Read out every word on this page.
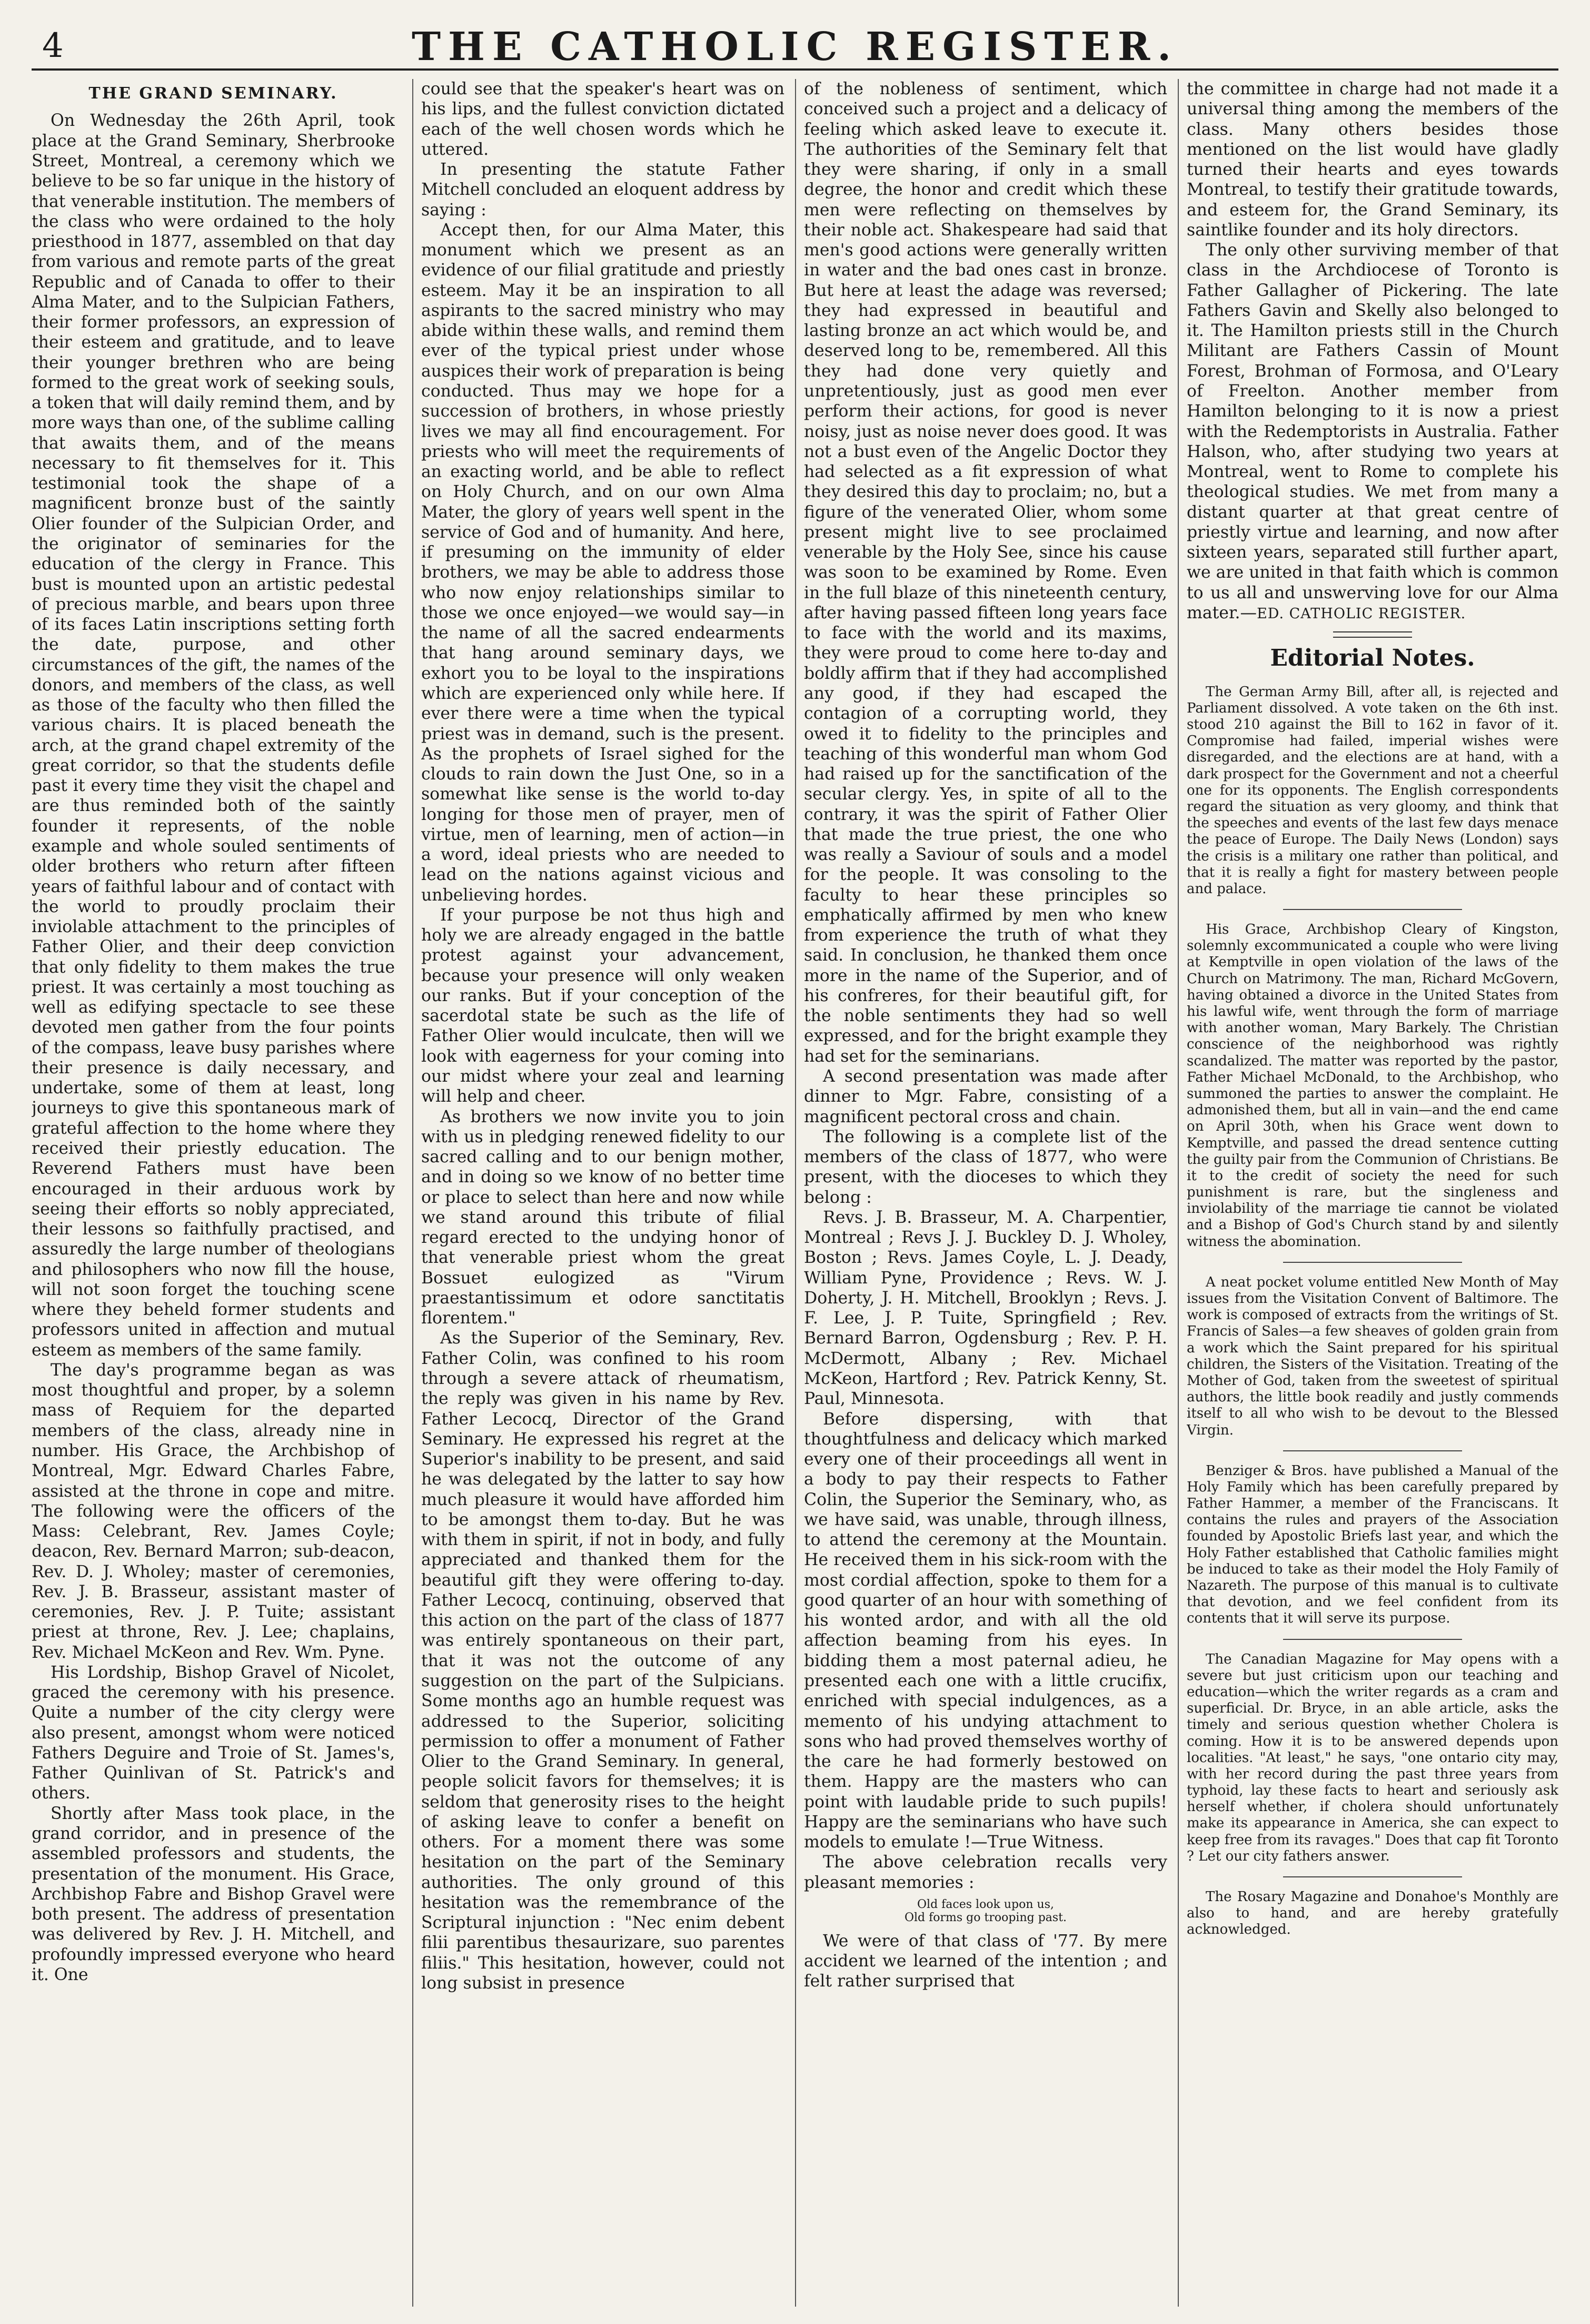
4	THE CATHOLIC REGISTER.
THE GRAND SEMINARY.

On Wednesday the 26th April, took place at the Grand Seminary, Sherbrooke Street, Montreal, a ceremony which we believe to be so far unique in the history of that venerable institution. The members of the class who were ordained to the holy priesthood in 1877, assembled on that day from various and remote parts of the great Republic and of Canada to offer to their Alma Mater, and to the Sulpician Fathers, their former professors, an expression of their esteem and gratitude, and to leave their younger brethren who are being formed to the great work of seeking souls, a token that will daily remind them, and by more ways than one, of the sublime calling that awaits them, and of the means necessary to fit themselves for it. This testimonial took the shape of a magnificent bronze bust of the saintly Olier founder of the Sulpician Order, and the originator of seminaries for the education of the clergy in France. This bust is mounted upon an artistic pedestal of precious marble, and bears upon three of its faces Latin inscriptions setting forth the date, purpose, and other circumstances of the gift, the names of the donors, and members of the class, as well as those of the faculty who then filled the various chairs. It is placed beneath the arch, at the grand chapel extremity of the great corridor, so that the students defile past it every time they visit the chapel and are thus reminded both of the saintly founder it represents, of the noble example and whole souled sentiments of older brothers who return after fifteen years of faithful labour and of contact with the world to proudly proclaim their inviolable attachment to the principles of Father Olier, and their deep conviction that only fidelity to them makes the true priest. It was certainly a most touching as well as edifying spectacle to see these devoted men gather from the four points of the compass, leave busy parishes where their presence is daily necessary, and undertake, some of them at least, long journeys to give this spontaneous mark of grateful affection to the home where they received their priestly education. The Reverend Fathers must have been encouraged in their arduous work by seeing their efforts so nobly appreciated, their lessons so faithfully practised, and assuredly the large number of theologians and philosophers who now fill the house, will not soon forget the touching scene where they beheld former students and professors united in affection and mutual esteem as members of the same family.

The day's programme began as was most thoughtful and proper, by a solemn mass of Requiem for the departed members of the class, already nine in number. His Grace, the Archbishop of Montreal, Mgr. Edward Charles Fabre, assisted at the throne in cope and mitre. The following were the officers of the Mass: Celebrant, Rev. James Coyle; deacon, Rev. Bernard Marron; sub-deacon, Rev. D. J. Wholey; master of ceremonies, Rev. J. B. Brasseur, assistant master of ceremonies, Rev. J. P. Tuite; assistant priest at throne, Rev. J. Lee; chaplains, Rev. Michael McKeon and Rev. Wm. Pyne.

His Lordship, Bishop Gravel of Nicolet, graced the ceremony with his presence. Quite a number of the city clergy were also present, amongst whom were noticed Fathers Deguire and Troie of St. James's, Father Quinlivan of St. Patrick's and others.

Shortly after Mass took place, in the grand corridor, and in presence of the assembled professors and students, the presentation of the monument. His Grace, Archbishop Fabre and Bishop Gravel were both present. The address of presentation was delivered by Rev. J. H. Mitchell, and profoundly impressed everyone who heard it. One

could see that the speaker's heart was on his lips, and the fullest conviction dictated each of the well chosen words which he uttered.

In presenting the statute Father Mitchell concluded an eloquent address by saying :

Accept then, for our Alma Mater, this monument which we present as an evidence of our filial gratitude and priestly esteem. May it be an inspiration to all aspirants to the sacred ministry who may abide within these walls, and remind them ever of the typical priest under whose auspices their work of preparation is being conducted. Thus may we hope for a succession of brothers, in whose priestly lives we may all find encouragement. For priests who will meet the requirements of an exacting world, and be able to reflect on Holy Church, and on our own Alma Mater, the glory of years well spent in the service of God and of humanity. And here, if presuming on the immunity of elder brothers, we may be able to address those who now enjoy relationships similar to those we once enjoyed—we would say—in the name of all the sacred endearments that hang around seminary days, we exhort you to be loyal to the inspirations which are experienced only while here. If ever there were a time when the typical priest was in demand, such is the present. As the prophets of Israel sighed for the clouds to rain down the Just One, so in a somewhat like sense is the world to-day longing for those men of prayer, men of virtue, men of learning, men of action—in a word, ideal priests who are needed to lead on the nations against vicious and unbelieving hordes.

If your purpose be not thus high and holy we are already engaged in the battle protest against your advancement, because your presence will only weaken our ranks. But if your conception of the sacerdotal state be such as the life of Father Olier would inculcate, then will we look with eagerness for your coming into our midst where your zeal and learning will help and cheer.

As brothers we now invite you to join with us in pledging renewed fidelity to our sacred calling and to our benign mother, and in doing so we know of no better time or place to select than here and now while we stand around this tribute of filial regard erected to the undying honor of that venerable priest whom the great Bossuet eulogized as "Virum praestantissimum et odore sanctitatis florentem."

As the Superior of the Seminary, Rev. Father Colin, was confined to his room through a severe attack of rheumatism, the reply was given in his name by Rev. Father Lecocq, Director of the Grand Seminary. He expressed his regret at the Superior's inability to be present, and said he was delegated by the latter to say how much pleasure it would have afforded him to be amongst them to-day. But he was with them in spirit, if not in body, and fully appreciated and thanked them for the beautiful gift they were offering to-day. Father Lecocq, continuing, observed that this action on the part of the class of 1877 was entirely spontaneous on their part, that it was not the outcome of any suggestion on the part of the Sulpicians. Some months ago an humble request was addressed to the Superior, soliciting permission to offer a monument of Father Olier to the Grand Seminary. In general, people solicit favors for themselves; it is seldom that generosity rises to the height of asking leave to confer a benefit on others. For a moment there was some hesitation on the part of the Seminary authorities. The only ground of this hesitation was the remembrance of the Scriptural injunction : "Nec enim debent filii parentibus thesaurizare, suo parentes filiis." This hesitation, however, could not long subsist in presence

of the nobleness of sentiment, which conceived such a project and a delicacy of feeling which asked leave to execute it. The authorities of the Seminary felt that they were sharing, if only in a small degree, the honor and credit which these men were reflecting on themselves by their noble act. Shakespeare had said that men's good actions were generally written in water and the bad ones cast in bronze. But here at least the adage was reversed; they had expressed in beautiful and lasting bronze an act which would be, and deserved long to be, remembered. All this they had done very quietly and unpretentiously, just as good men ever perform their actions, for good is never noisy, just as noise never does good. It was not a bust even of the Angelic Doctor they had selected as a fit expression of what they desired this day to proclaim; no, but a figure of the venerated Olier, whom some present might live to see proclaimed venerable by the Holy See, since his cause was soon to be examined by Rome. Even in the full blaze of this nineteenth century, after having passed fifteen long years face to face with the world and its maxims, they were proud to come here to-day and boldly affirm that if they had accomplished any good, if they had escaped the contagion of a corrupting world, they owed it to fidelity to the principles and teaching of this wonderful man whom God had raised up for the sanctification of the secular clergy. Yes, in spite of all to the contrary, it was the spirit of Father Olier that made the true priest, the one who was really a Saviour of souls and a model for the people. It was consoling to the faculty to hear these principles so emphatically affirmed by men who knew from experience the truth of what they said. In conclusion, he thanked them once more in the name of the Superior, and of his confreres, for their beautiful gift, for the noble sentiments they had so well expressed, and for the bright example they had set for the seminarians.

A second presentation was made after dinner to Mgr. Fabre, consisting of a magnificent pectoral cross and chain.

The following is a complete list of the members of the class of 1877, who were present, with the dioceses to which they belong :

Revs. J. B. Brasseur, M. A. Charpentier, Montreal ; Revs J. J. Buckley D. J. Wholey, Boston ; Revs. James Coyle, L. J. Deady, William Pyne, Providence ; Revs. W. J. Doherty, J. H. Mitchell, Brooklyn ; Revs. J. F. Lee, J. P. Tuite, Springfield ; Rev. Bernard Barron, Ogdensburg ; Rev. P. H. McDermott, Albany ; Rev. Michael McKeon, Hartford ; Rev. Patrick Kenny, St. Paul, Minnesota.

Before dispersing, with that thoughtfulness and delicacy which marked every one of their proceedings all went in a body to pay their respects to Father Colin, the Superior the Seminary, who, as we have said, was unable, through illness, to attend the ceremony at the Mountain. He received them in his sick-room with the most cordial affection, spoke to them for a good quarter of an hour with something of his wonted ardor, and with all the old affection beaming from his eyes. In bidding them a most paternal adieu, he presented each one with a little crucifix, enriched with special indulgences, as a memento of his undying attachment to sons who had proved themselves worthy of the care he had formerly bestowed on them. Happy are the masters who can point with laudable pride to such pupils! Happy are the seminarians who have such models to emulate !—True Witness.

The above celebration recalls very pleasant memories :

Old faces look upon us,
Old forms go trooping past.

We were of that class of '77. By mere accident we learned of the intention ; and felt rather surprised that

the committee in charge had not made it a universal thing among the members of the class. Many others besides those mentioned on the list would have gladly turned their hearts and eyes towards Montreal, to testify their gratitude towards, and esteem for, the Grand Seminary, its saintlike founder and its holy directors.

The only other surviving member of that class in the Archdiocese of Toronto is Father Gallagher of Pickering. The late Fathers Gavin and Skelly also belonged to it. The Hamilton priests still in the Church Militant are Fathers Cassin of Mount Forest, Brohman of Formosa, and O'Leary of Freelton. Another member from Hamilton belonging to it is now a priest with the Redemptorists in Australia. Father Halson, who, after studying two years at Montreal, went to Rome to complete his theological studies. We met from many a distant quarter at that great centre of priestly virtue and learning, and now after sixteen years, separated still further apart, we are united in that faith which is common to us all and unswerving love for our Alma mater.—ED. CATHOLIC REGISTER.

Editorial Notes.

The German Army Bill, after all, is rejected and Parliament dissolved. A vote taken on the 6th inst. stood 210 against the Bill to 162 in favor of it. Compromise had failed, imperial wishes were disregarded, and the elections are at hand, with a dark prospect for the Government and not a cheerful one for its opponents. The English correspondents regard the situation as very gloomy, and think that the speeches and events of the last few days menace the peace of Europe. The Daily News (London) says the crisis is a military one rather than political, and that it is really a fight for mastery between people and palace.

His Grace, Archbishop Cleary of Kingston, solemnly excommunicated a couple who were living at Kemptville in open violation of the laws of the Church on Matrimony. The man, Richard McGovern, having obtained a divorce in the United States from his lawful wife, went through the form of marriage with another woman, Mary Barkely. The Christian conscience of the neighborhood was rightly scandalized. The matter was reported by the pastor, Father Michael McDonald, to the Archbishop, who summoned the parties to answer the complaint. He admonished them, but all in vain—and the end came on April 30th, when his Grace went down to Kemptville, and passed the dread sentence cutting the guilty pair from the Communion of Christians. Be it to the credit of society the need for such punishment is rare, but the singleness and inviolability of the marriage tie cannot be violated and a Bishop of God's Church stand by and silently witness the abomination.

A neat pocket volume entitled New Month of May issues from the Visitation Convent of Baltimore. The work is composed of extracts from the writings of St. Francis of Sales—a few sheaves of golden grain from a work which the Saint prepared for his spiritual children, the Sisters of the Visitation. Treating of the Mother of God, taken from the sweetest of spiritual authors, the little book readily and justly commends itself to all who wish to be devout to the Blessed Virgin.

Benziger & Bros. have published a Manual of the Holy Family which has been carefully prepared by Father Hammer, a member of the Franciscans. It contains the rules and prayers of the Association founded by Apostolic Briefs last year, and which the Holy Father established that Catholic families might be induced to take as their model the Holy Family of Nazareth. The purpose of this manual is to cultivate that devotion, and we feel confident from its contents that it will serve its purpose.

The Canadian Magazine for May opens with a severe but just criticism upon our teaching and education—which the writer regards as a cram and superficial. Dr. Bryce, in an able article, asks the timely and serious question whether Cholera is coming. How it is to be answered depends upon localities. "At least," he says, "one ontario city may, with her record during the past three years from typhoid, lay these facts to heart and seriously ask herself whether, if cholera should unfortunately make its appearance in America, she can expect to keep free from its ravages." Does that cap fit Toronto ? Let our city fathers answer.

The Rosary Magazine and Donahoe's Monthly are also to hand, and are hereby gratefully acknowledged.
